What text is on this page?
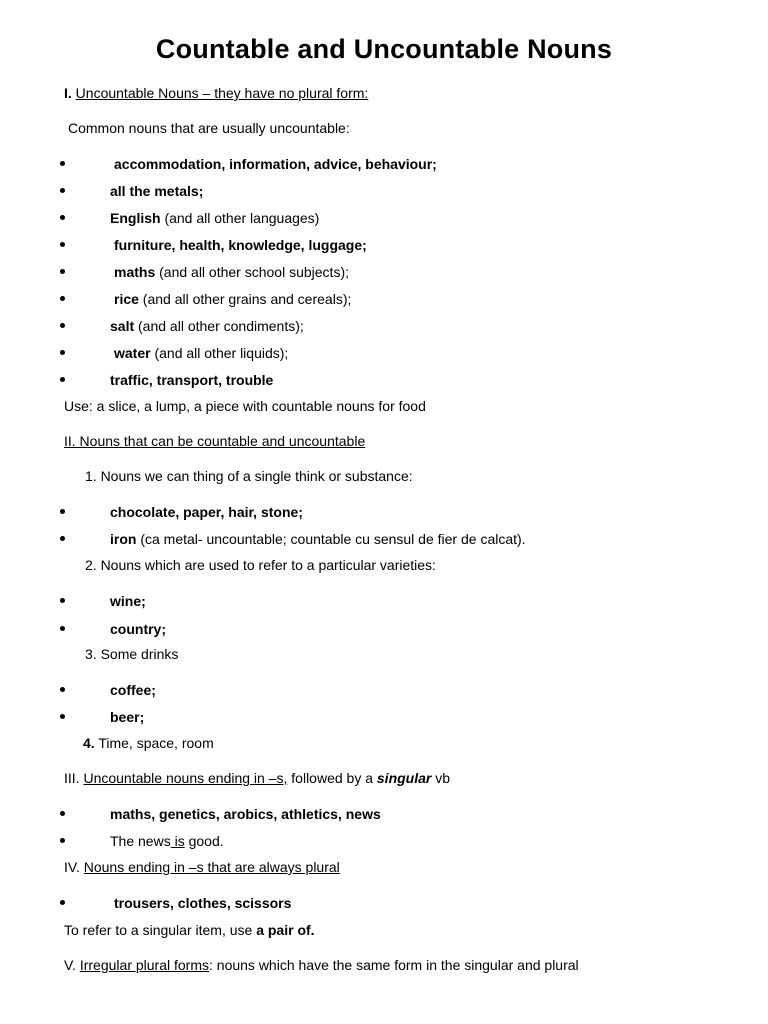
Countable and Uncountable Nouns
I. Uncountable Nouns – they have no plural form:
Common nouns that are usually uncountable:
accommodation, information, advice, behaviour;
all the metals;
English (and all other languages)
furniture, health, knowledge, luggage;
maths (and all other school subjects);
rice (and all other grains and cereals);
salt (and all other condiments);
water (and all other liquids);
traffic, transport, trouble
Use: a slice, a lump, a piece with countable nouns for food
II. Nouns that can be countable and uncountable
1. Nouns we can thing of a single think or substance:
chocolate, paper, hair, stone;
iron (ca metal- uncountable; countable cu sensul de fier de calcat).
2. Nouns which are used to refer to a particular varieties:
wine;
country;
3. Some drinks
coffee;
beer;
4. Time, space, room
III. Uncountable nouns ending in –s, followed by a singular vb
maths, genetics, arobics, athletics, news
The news is good.
IV. Nouns ending in –s that are always plural
trousers, clothes, scissors
To refer to a singular item, use a pair of.
V. Irregular plural forms: nouns which have the same form in the singular and plural
